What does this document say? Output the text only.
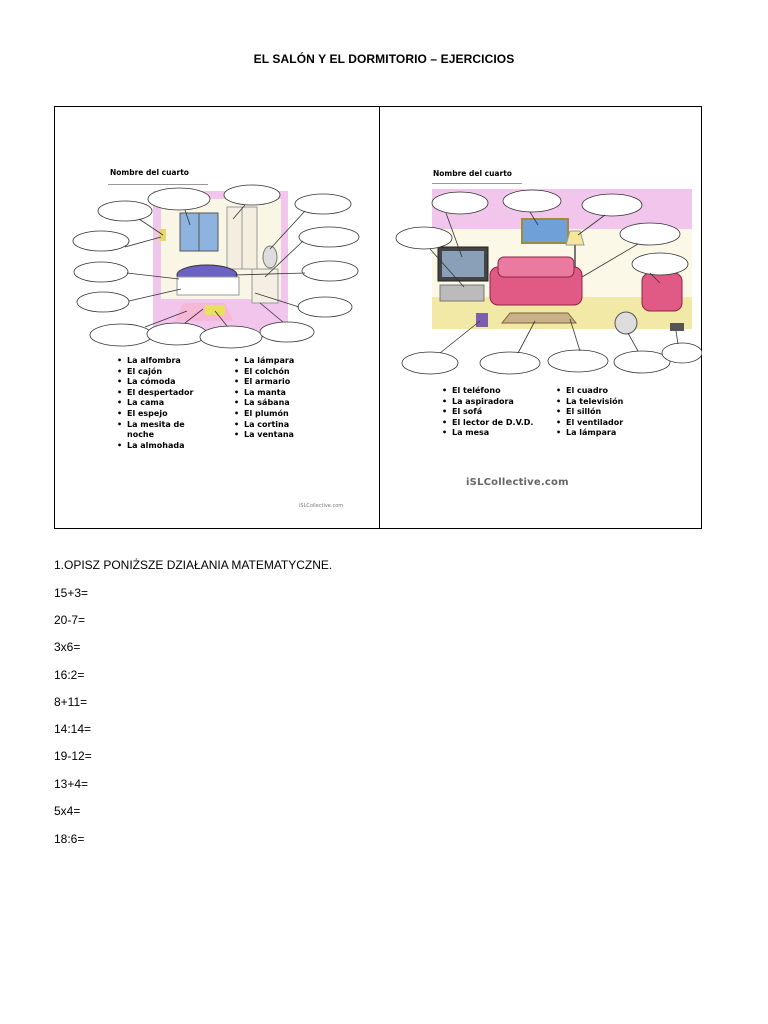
EL SALÓN Y EL DORMITORIO – EJERCICIOS
Nombre del cuarto
• La alfombra
• El cajón
• La cómoda
• El despertador
• La cama
• El espejo
• La mesita de
noche
• La almohada
• La lámpara
• El colchón
• El armario
• La manta
• La sábana
• El plumón
• La cortina
• La ventana
iSLCollective.com
Nombre del cuarto
• El teléfono
• La aspiradora
• El sofá
• El lector de D.V.D.
• La mesa
• El cuadro
• La televisión
• El sillón
• El ventilador
• La lámpara
iSLCollective.com
1.OPISZ PONIŻSZE DZIAŁANIA MATEMATYCZNE.
15+3=
20-7=
3x6=
16:2=
8+11=
14:14=
19-12=
13+4=
5x4=
18:6=
